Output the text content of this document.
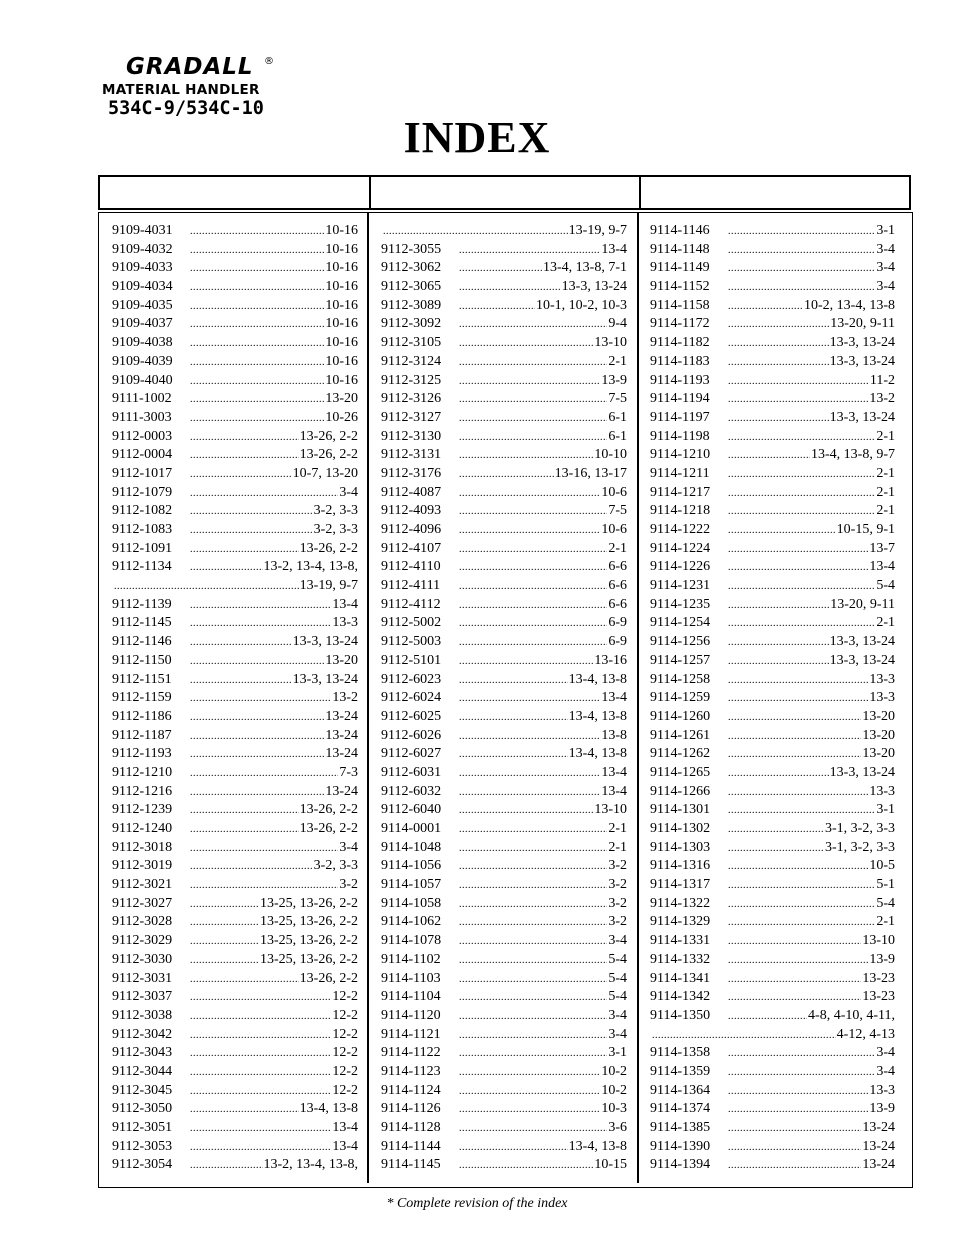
GRADALL ®
MATERIAL HANDLER
534C-9/534C-10
INDEX
9109-4031 .....	10-16
9109-4032 .....	10-16
9109-4033 .....	10-16
9109-4034 .....	10-16
9109-4035 .....	10-16
9109-4037 .....	10-16
9109-4038 .....	10-16
9109-4039 .....	10-16
9109-4040 .....	10-16
9111-1002 .....	13-20
9111-3003 .....	10-26
9112-0003 .....	13-26, 2-2
9112-0004 .....	13-26, 2-2
9112-1017 .....	10-7, 13-20
9112-1079 .....	3-4
9112-1082 .....	3-2, 3-3
9112-1083 .....	3-2, 3-3
9112-1091 .....	13-26, 2-2
9112-1134 .....	13-2, 13-4, 13-8,
.....
13-19, 9-7
9112-1139 .....	13-4
9112-1145 .....	13-3
9112-1146 .....	13-3, 13-24
9112-1150 .....	13-20
9112-1151 .....	13-3, 13-24
9112-1159 .....	13-2
9112-1186 .....	13-24
9112-1187 .....	13-24
9112-1193 .....	13-24
9112-1210 .....	7-3
9112-1216 .....	13-24
9112-1239 .....	13-26, 2-2
9112-1240 .....	13-26, 2-2
9112-3018 .....	3-4
9112-3019 .....	3-2, 3-3
9112-3021 .....	3-2
9112-3027 .....	13-25, 13-26, 2-2
9112-3028 .....	13-25, 13-26, 2-2
9112-3029 .....	13-25, 13-26, 2-2
9112-3030 .....	13-25, 13-26, 2-2
9112-3031 .....	13-26, 2-2
9112-3037 .....	12-2
9112-3038 .....	12-2
9112-3042 .....	12-2
9112-3043 .....	12-2
9112-3044 .....	12-2
9112-3045 .....	12-2
9112-3050 .....	13-4, 13-8
9112-3051 .....	13-4
9112-3053 .....	13-4
9112-3054 .....	13-2, 13-4, 13-8,
.....
13-19, 9-7
9112-3055 .....	13-4
9112-3062 .....	13-4, 13-8, 7-1
9112-3065 .....	13-3, 13-24
9112-3089 .....	10-1, 10-2, 10-3
9112-3092 .....	9-4
9112-3105 .....	13-10
9112-3124 .....	2-1
9112-3125 .....	13-9
9112-3126 .....	7-5
9112-3127 .....	6-1
9112-3130 .....	6-1
9112-3131 .....	10-10
9112-3176 .....	13-16, 13-17
9112-4087 .....	10-6
9112-4093 .....	7-5
9112-4096 .....	10-6
9112-4107 .....	2-1
9112-4110 .....	6-6
9112-4111 .....	6-6
9112-4112 .....	6-6
9112-5002 .....	6-9
9112-5003 .....	6-9
9112-5101 .....	13-16
9112-6023 .....	13-4, 13-8
9112-6024 .....	13-4
9112-6025 .....	13-4, 13-8
9112-6026 .....	13-8
9112-6027 .....	13-4, 13-8
9112-6031 .....	13-4
9112-6032 .....	13-4
9112-6040 .....	13-10
9114-0001 .....	2-1
9114-1048 .....	2-1
9114-1056 .....	3-2
9114-1057 .....	3-2
9114-1058 .....	3-2
9114-1062 .....	3-2
9114-1078 .....	3-4
9114-1102 .....	5-4
9114-1103 .....	5-4
9114-1104 .....	5-4
9114-1120 .....	3-4
9114-1121 .....	3-4
9114-1122 .....	3-1
9114-1123 .....	10-2
9114-1124 .....	10-2
9114-1126 .....	10-3
9114-1128 .....	3-6
9114-1144 .....	13-4, 13-8
9114-1145 .....	10-15
9114-1146 .....	3-1
9114-1148 .....	3-4
9114-1149 .....	3-4
9114-1152 .....	3-4
9114-1158 .....	10-2, 13-4, 13-8
9114-1172 .....	13-20, 9-11
9114-1182 .....	13-3, 13-24
9114-1183 .....	13-3, 13-24
9114-1193 .....	11-2
9114-1194 .....	13-2
9114-1197 .....	13-3, 13-24
9114-1198 .....	2-1
9114-1210 .....	13-4, 13-8, 9-7
9114-1211 .....	2-1
9114-1217 .....	2-1
9114-1218 .....	2-1
9114-1222 .....	10-15, 9-1
9114-1224 .....	13-7
9114-1226 .....	13-4
9114-1231 .....	5-4
9114-1235 .....	13-20, 9-11
9114-1254 .....	2-1
9114-1256 .....	13-3, 13-24
9114-1257 .....	13-3, 13-24
9114-1258 .....	13-3
9114-1259 .....	13-3
9114-1260 .....	13-20
9114-1261 .....	13-20
9114-1262 .....	13-20
9114-1265 .....	13-3, 13-24
9114-1266 .....	13-3
9114-1301 .....	3-1
9114-1302 .....	3-1, 3-2, 3-3
9114-1303 .....	3-1, 3-2, 3-3
9114-1316 .....	10-5
9114-1317 .....	5-1
9114-1322 .....	5-4
9114-1329 .....	2-1
9114-1331 .....	13-10
9114-1332 .....	13-9
9114-1341 .....	13-23
9114-1342 .....	13-23
9114-1350 .....	4-8, 4-10, 4-11,
.....
4-12, 4-13
9114-1358 .....	3-4
9114-1359 .....	3-4
9114-1364 .....	13-3
9114-1374 .....	13-9
9114-1385 .....	13-24
9114-1390 .....	13-24
9114-1394 .....	13-24
* Complete revision of the index
